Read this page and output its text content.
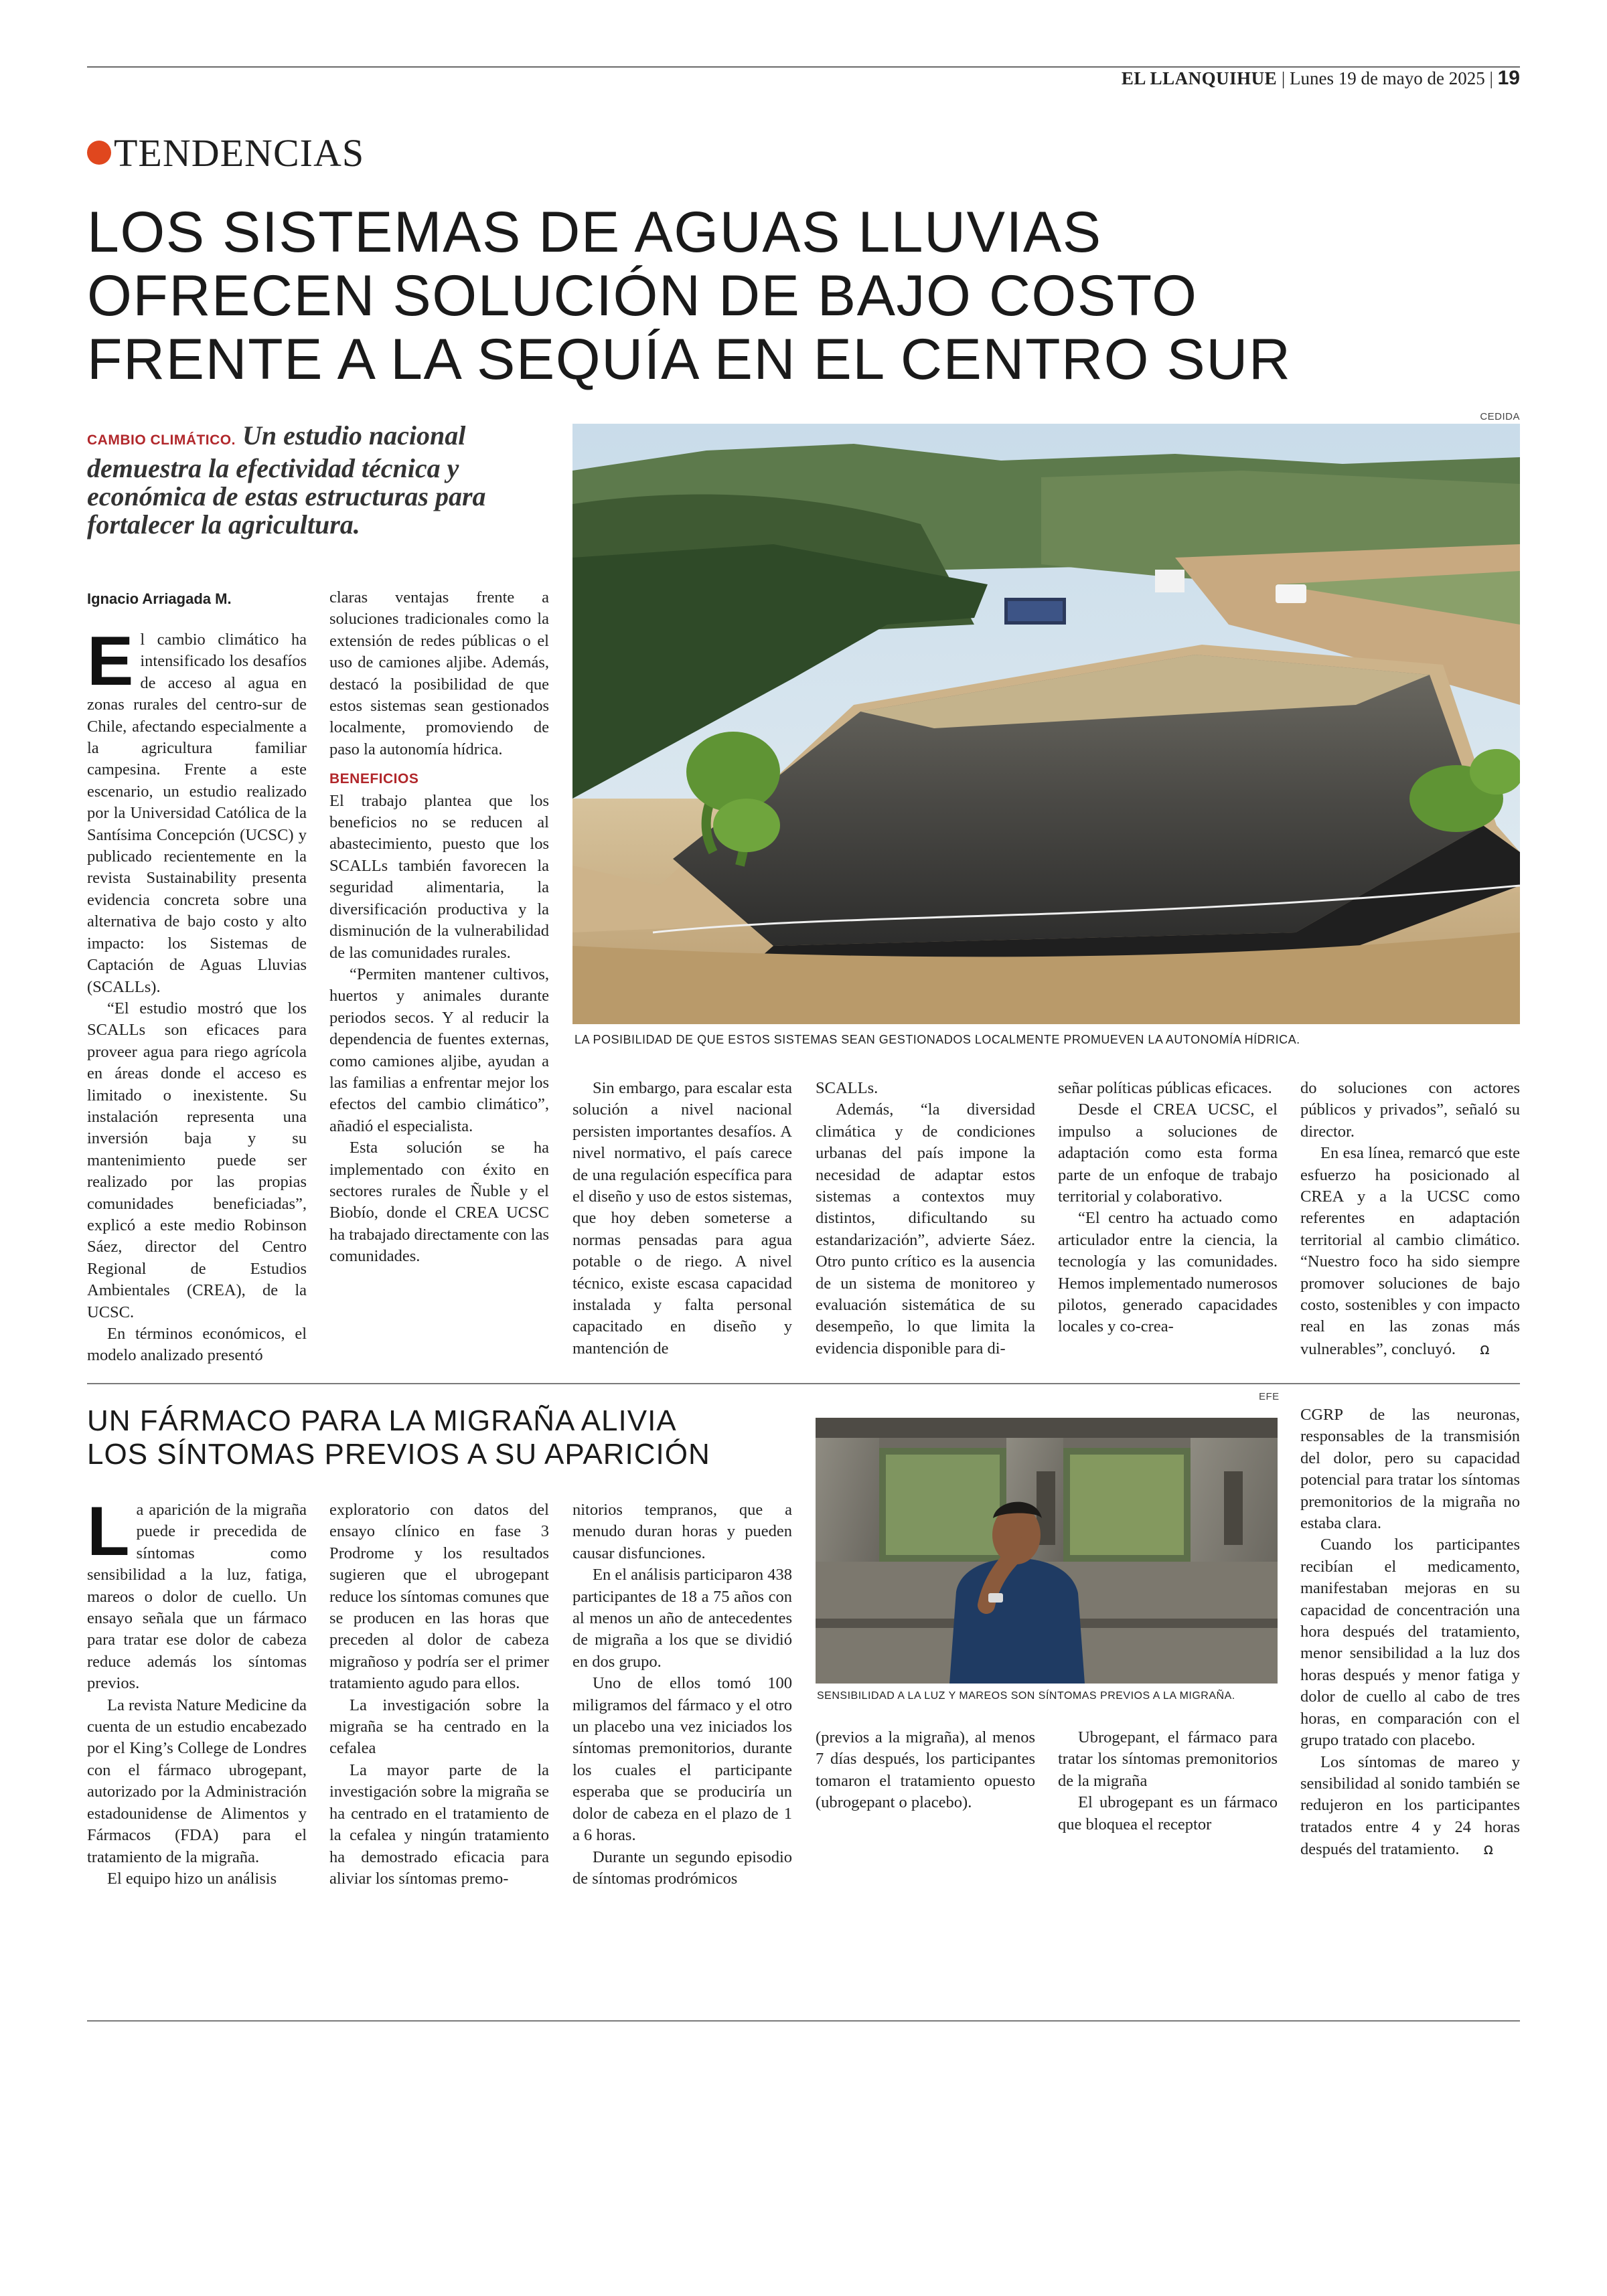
EL LLANQUIHUE | Lunes 19 de mayo de 2025 | 19
TENDENCIAS
LOS SISTEMAS DE AGUAS LLUVIAS
OFRECEN SOLUCIÓN DE BAJO COSTO
FRENTE A LA SEQUÍA EN EL CENTRO SUR
CAMBIO CLIMÁTICO. Un estudio nacional demuestra la efectividad técnica y económica de estas estructuras para fortalecer la agricultura.
Ignacio Arriagada M.
CEDIDA
LA POSIBILIDAD DE QUE ESTOS SISTEMAS SEAN GESTIONADOS LOCALMENTE PROMUEVEN LA AUTONOMÍA HÍDRICA.
E l cambio climático ha intensificado los desafíos de acceso al agua en zonas rurales del centro-sur de Chile, afectando especialmente a la agricultura familiar campesina. Frente a este escenario, un estudio realizado por la Universidad Católica de la Santísima Concepción (UCSC) y publicado recientemente en la revista Sustainability presenta evidencia concreta sobre una alternativa de bajo costo y alto impacto: los Sistemas de Captación de Aguas Lluvias (SCALLs).

“El estudio mostró que los SCALLs son eficaces para proveer agua para riego agrícola en áreas donde el acceso es limitado o inexistente. Su instalación representa una inversión baja y su mantenimiento puede ser realizado por las propias comunidades beneficiadas”, explicó a este medio Robinson Sáez, director del Centro Regional de Estudios Ambientales (CREA), de la UCSC.

En términos económicos, el modelo analizado presentó

claras ventajas frente a soluciones tradicionales como la extensión de redes públicas o el uso de camiones aljibe. Además, destacó la posibilidad de que estos sistemas sean gestionados localmente, promoviendo de paso la autonomía hídrica.

BENEFICIOS

El trabajo plantea que los beneficios no se reducen al abastecimiento, puesto que los SCALLs también favorecen la seguridad alimentaria, la diversificación productiva y la disminución de la vulnerabilidad de las comunidades rurales.

“Permiten mantener cultivos, huertos y animales durante periodos secos. Y al reducir la dependencia de fuentes externas, como camiones aljibe, ayudan a las familias a enfrentar mejor los efectos del cambio climático”, añadió el especialista.

Esta solución se ha implementado con éxito en sectores rurales de Ñuble y el Biobío, donde el CREA UCSC ha trabajado directamente con las comunidades.

Sin embargo, para escalar esta solución a nivel nacional persisten importantes desafíos. A nivel normativo, el país carece de una regulación específica para el diseño y uso de estos sistemas, que hoy deben someterse a normas pensadas para agua potable o de riego. A nivel técnico, existe escasa capacidad instalada y falta personal capacitado en diseño y mantención de

SCALLs.

Además, “la diversidad climática y de condiciones urbanas del país impone la necesidad de adaptar estos sistemas a contextos muy distintos, dificultando su estandarización”, advierte Sáez. Otro punto crítico es la ausencia de un sistema de monitoreo y evaluación sistemática de su desempeño, lo que limita la evidencia disponible para di-

señar políticas públicas eficaces.

Desde el CREA UCSC, el impulso a soluciones de adaptación como esta forma parte de un enfoque de trabajo territorial y colaborativo.

“El centro ha actuado como articulador entre la ciencia, la tecnología y las comunidades. Hemos implementado numerosos pilotos, generado capacidades locales y co-crea-

do soluciones con actores públicos y privados”, señaló su director.

En esa línea, remarcó que este esfuerzo ha posicionado al CREA y a la UCSC como referentes en adaptación territorial al cambio climático. “Nuestro foco ha sido siempre promover soluciones de bajo costo, sostenibles y con impacto real en las zonas más vulnerables”, concluyó. ꭥ

UN FÁRMACO PARA LA MIGRAÑA ALIVIA
LOS SÍNTOMAS PREVIOS A SU APARICIÓN
EFE
SENSIBILIDAD A LA LUZ Y MAREOS SON SÍNTOMAS PREVIOS A LA MIGRAÑA.
L a aparición de la migraña puede ir precedida de síntomas como sensibilidad a la luz, fatiga, mareos o dolor de cuello. Un ensayo señala que un fármaco para tratar ese dolor de cabeza reduce además los síntomas previos.

La revista Nature Medicine da cuenta de un estudio encabezado por el King’s College de Londres con el fármaco ubrogepant, autorizado por la Administración estadounidense de Alimentos y Fármacos (FDA) para el tratamiento de la migraña.

El equipo hizo un análisis

exploratorio con datos del ensayo clínico en fase 3 Prodrome y los resultados sugieren que el ubrogepant reduce los síntomas comunes que se producen en las horas que preceden al dolor de cabeza migrañoso y podría ser el primer tratamiento agudo para ellos.

La investigación sobre la migraña se ha centrado en la cefalea

La mayor parte de la investigación sobre la migraña se ha centrado en el tratamiento de la cefalea y ningún tratamiento ha demostrado eficacia para aliviar los síntomas premo-

nitorios tempranos, que a menudo duran horas y pueden causar disfunciones.

En el análisis participaron 438 participantes de 18 a 75 años con al menos un año de antecedentes de migraña a los que se dividió en dos grupo.

Uno de ellos tomó 100 miligramos del fármaco y el otro un placebo una vez iniciados los síntomas premonitorios, durante los cuales el participante esperaba que se produciría un dolor de cabeza en el plazo de 1 a 6 horas.

Durante un segundo episodio de síntomas prodrómicos

(previos a la migraña), al menos 7 días después, los participantes tomaron el tratamiento opuesto (ubrogepant o placebo).

Ubrogepant, el fármaco para tratar los síntomas premonitorios de la migraña

El ubrogepant es un fármaco que bloquea el receptor

CGRP de las neuronas, responsables de la transmisión del dolor, pero su capacidad potencial para tratar los síntomas premonitorios de la migraña no estaba clara.

Cuando los participantes recibían el medicamento, manifestaban mejoras en su capacidad de concentración una hora después del tratamiento, menor sensibilidad a la luz dos horas después y menor fatiga y dolor de cuello al cabo de tres horas, en comparación con el grupo tratado con placebo.

Los síntomas de mareo y sensibilidad al sonido también se redujeron en los participantes tratados entre 4 y 24 horas después del tratamiento. ꭥ
